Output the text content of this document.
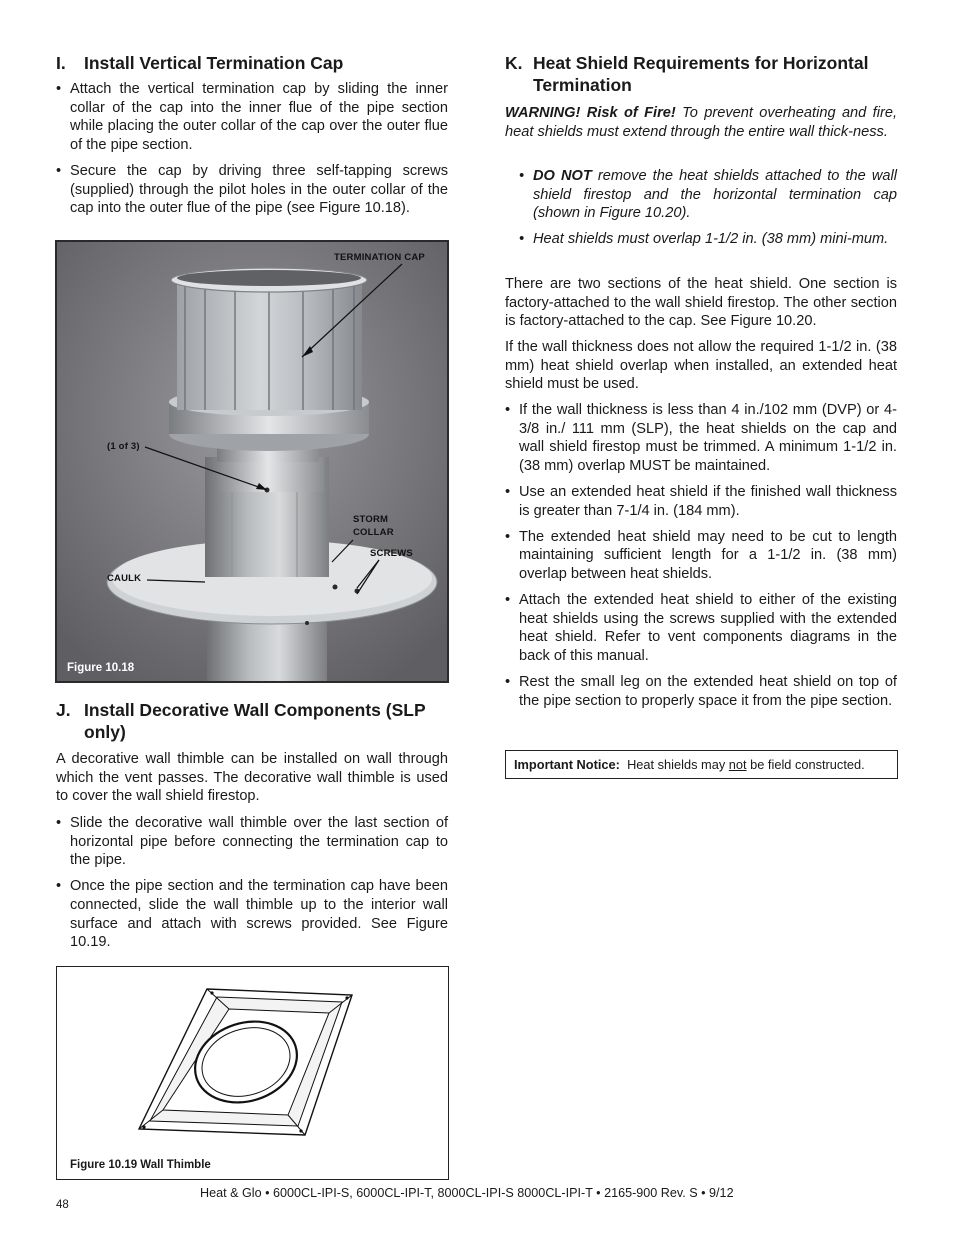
I.	Install Vertical Termination Cap
• Attach the vertical termination cap by sliding the inner collar of the cap into the inner flue of the pipe section while placing the outer collar of the cap over the outer flue of the pipe section.
• Secure the cap by driving three self-tapping screws (supplied) through the pilot holes in the outer collar of the cap into the outer flue of the pipe (see Figure 10.18).
TERMINATION CAP
(1 of 3)
STORM
COLLAR
SCREWS
CAULK
Figure 10.18
J. Install Decorative Wall Components (SLP only)

A decorative wall thimble can be installed on wall through which the vent passes. The decorative wall thimble is used to cover the wall shield firestop.

• Slide the decorative wall thimble over the last section of horizontal pipe before connecting the termination cap to the pipe.
• Once the pipe section and the termination cap have been connected, slide the wall thimble up to the interior wall surface and attach with screws provided. See Figure 10.19.
Figure 10.19 Wall Thimble
K. Heat Shield Requirements for Horizontal Termination

WARNING! Risk of Fire! To prevent overheating and fire, heat shields must extend through the entire wall thick-ness.

• DO NOT remove the heat shields attached to the wall shield firestop and the horizontal termination cap (shown in Figure 10.20).
• Heat shields must overlap 1-1/2 in. (38 mm) mini-mum.

There are two sections of the heat shield. One section is factory-attached to the wall shield firestop. The other section is factory-attached to the cap. See Figure 10.20.

If the wall thickness does not allow the required 1-1/2 in. (38 mm) heat shield overlap when installed, an extended heat shield must be used.

• If the wall thickness is less than 4 in./102 mm (DVP) or 4-3/8 in./ 111 mm (SLP), the heat shields on the cap and wall shield firestop must be trimmed. A minimum 1-1/2 in. (38 mm) overlap MUST be maintained.
• Use an extended heat shield if the finished wall thickness is greater than 7-1/4 in. (184 mm).
• The extended heat shield may need to be cut to length maintaining sufficient length for a 1-1/2 in. (38 mm) overlap between heat shields.
• Attach the extended heat shield to either of the existing heat shields using the screws supplied with the extended heat shield. Refer to vent components diagrams in the back of this manual.
• Rest the small leg on the extended heat shield on top of the pipe section to properly space it from the pipe section.
Important Notice: Heat shields may not be field constructed.
Heat & Glo • 6000CL-IPI-S, 6000CL-IPI-T, 8000CL-IPI-S 8000CL-IPI-T • 2165-900 Rev. S • 9/12
48
